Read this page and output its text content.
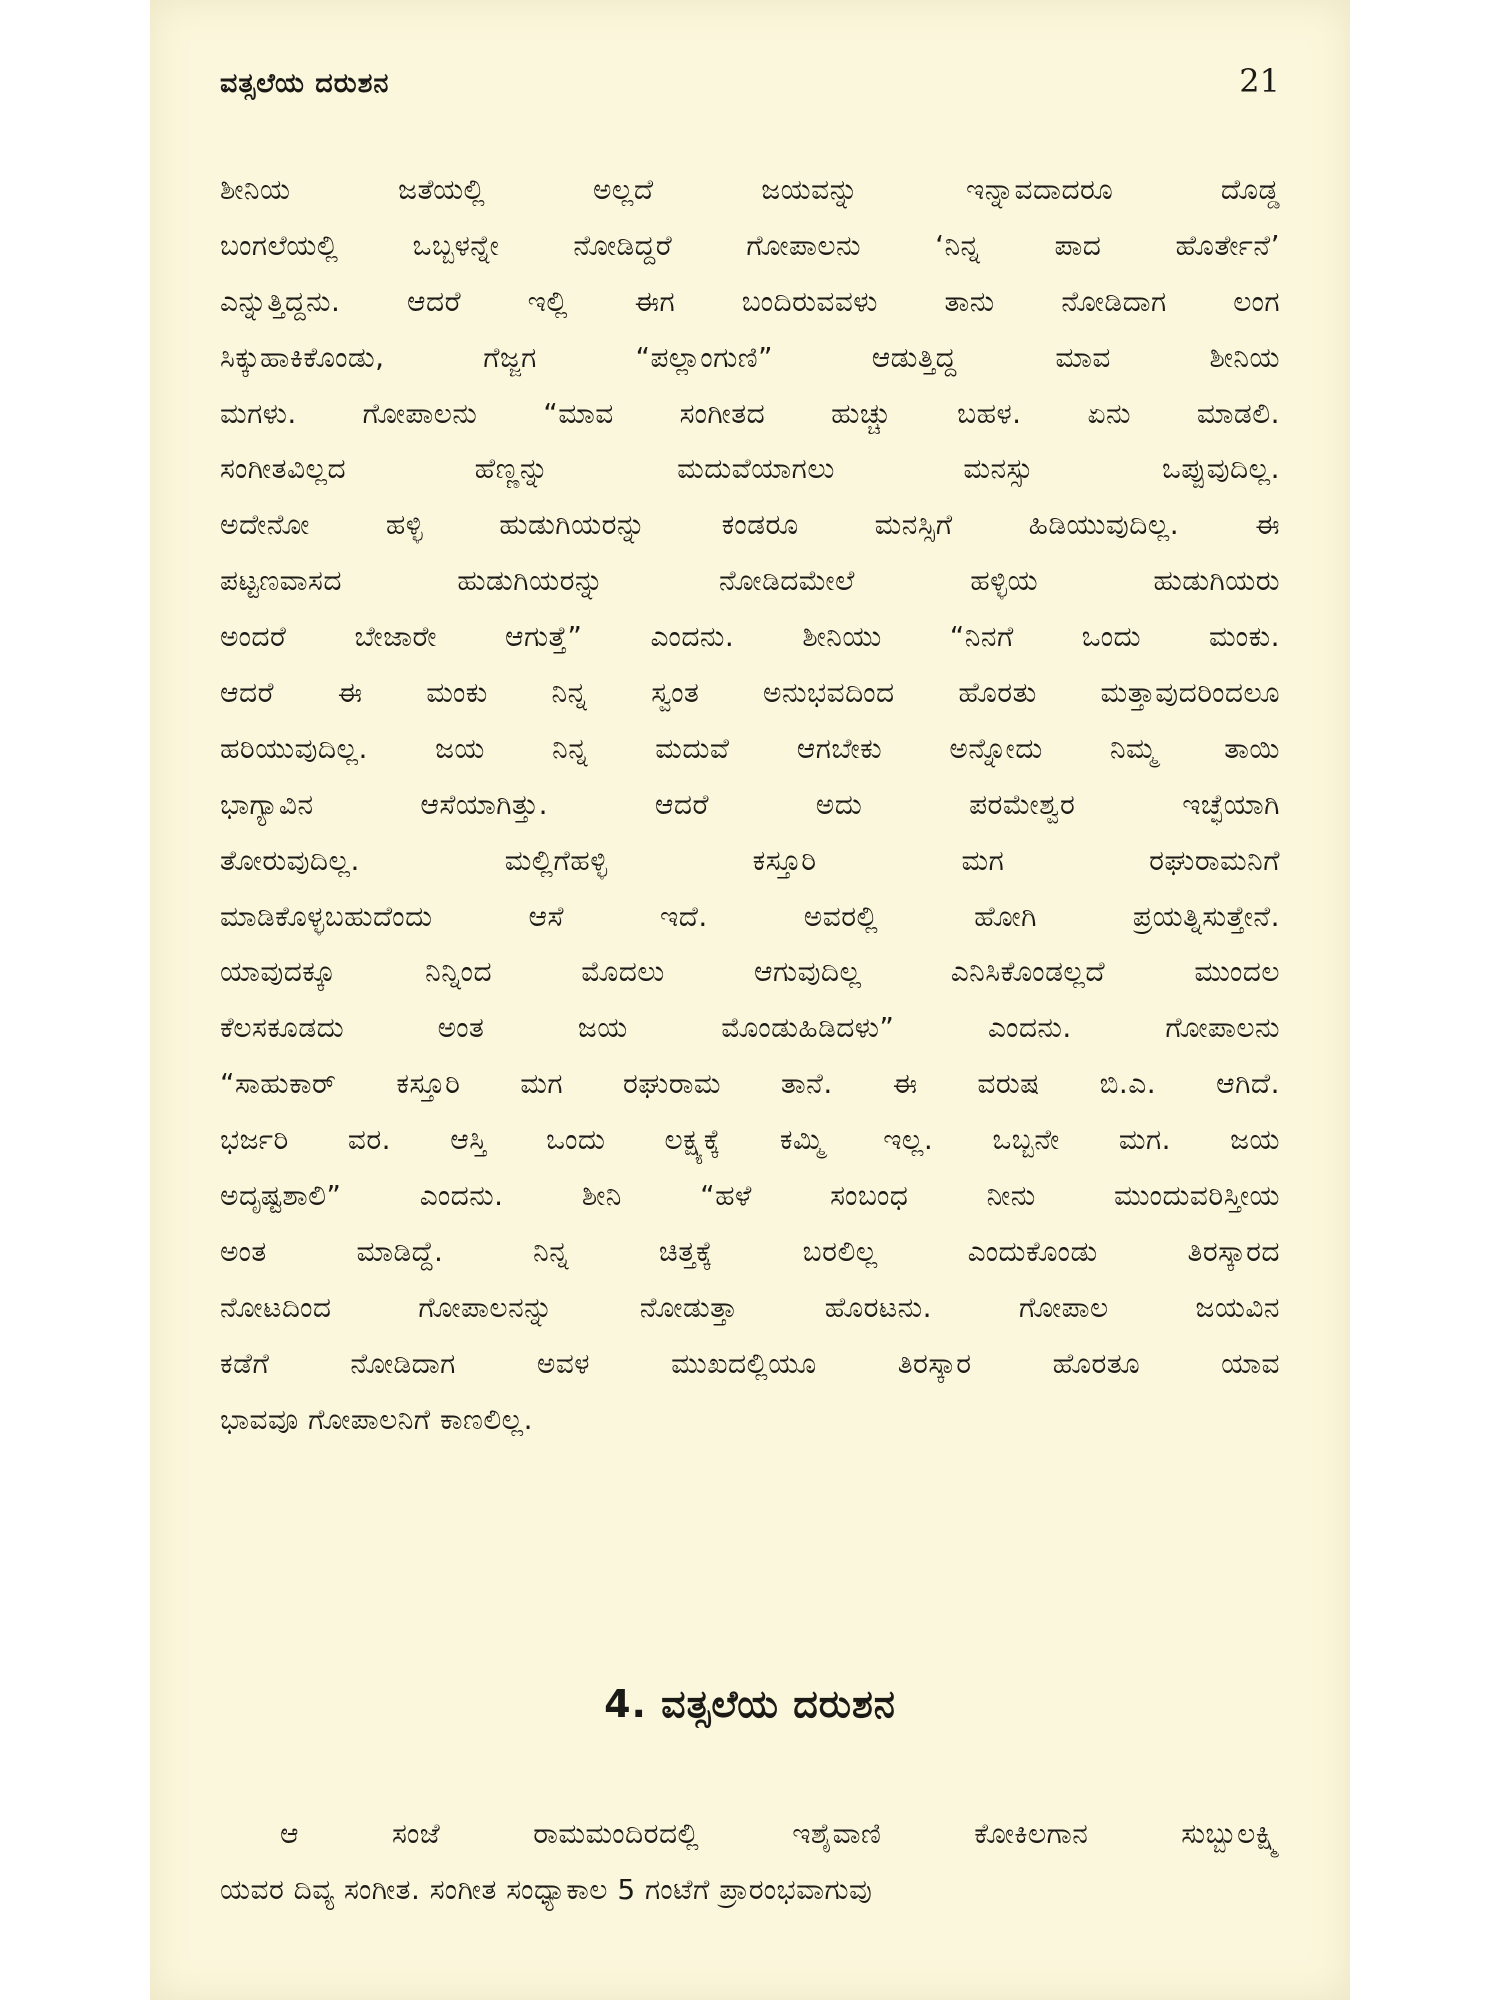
ವತ್ಸಲೆಯ ದರುಶನ	21
ಶೀನಿಯ ಜತೆಯಲ್ಲಿ ಅಲ್ಲದೆ ಜಯವನ್ನು ಇನ್ನಾವದಾದರೂ ದೊಡ್ಡ
ಬಂಗಲೆಯಲ್ಲಿ ಒಬ್ಬಳನ್ನೇ ನೋಡಿದ್ದರೆ ಗೋಪಾಲನು ‘ನಿನ್ನ ಪಾದ ಹೊರ್ತೇನೆ’
ಎನ್ನುತ್ತಿದ್ದನು. ಆದರೆ ಇಲ್ಲಿ ಈಗ ಬಂದಿರುವವಳು ತಾನು ನೋಡಿದಾಗ ಲಂಗ
ಸಿಕ್ಕುಹಾಕಿಕೊಂಡು, ಗೆಜ್ಜಗ “ಪಲ್ಲಾಂಗುಣಿ” ಆಡುತ್ತಿದ್ದ ಮಾವ ಶೀನಿಯ
ಮಗಳು. ಗೋಪಾಲನು “ಮಾವ ಸಂಗೀತದ ಹುಚ್ಚು ಬಹಳ. ಏನು ಮಾಡಲಿ.
ಸಂಗೀತವಿಲ್ಲದ ಹೆಣ್ಣನ್ನು ಮದುವೆಯಾಗಲು ಮನಸ್ಸು ಒಪ್ಪುವುದಿಲ್ಲ.
ಅದೇನೋ ಹಳ್ಳಿ ಹುಡುಗಿಯರನ್ನು ಕಂಡರೂ ಮನಸ್ಸಿಗೆ ಹಿಡಿಯುವುದಿಲ್ಲ. ಈ
ಪಟ್ಟಣವಾಸದ ಹುಡುಗಿಯರನ್ನು ನೋಡಿದಮೇಲೆ ಹಳ್ಳಿಯ ಹುಡುಗಿಯರು
ಅಂದರೆ ಬೇಜಾರೇ ಆಗುತ್ತೆ” ಎಂದನು. ಶೀನಿಯು “ನಿನಗೆ ಒಂದು ಮಂಕು.
ಆದರೆ ಈ ಮಂಕು ನಿನ್ನ ಸ್ವಂತ ಅನುಭವದಿಂದ ಹೊರತು ಮತ್ತಾವುದರಿಂದಲೂ
ಹರಿಯುವುದಿಲ್ಲ. ಜಯ ನಿನ್ನ ಮದುವೆ ಆಗಬೇಕು ಅನ್ನೋದು ನಿಮ್ಮ ತಾಯಿ
ಭಾಗ್ಯಾವಿನ ಆಸೆಯಾಗಿತ್ತು. ಆದರೆ ಅದು ಪರಮೇಶ್ವರ ಇಚ್ಛೆಯಾಗಿ
ತೋರುವುದಿಲ್ಲ. ಮಲ್ಲಿಗೆಹಳ್ಳಿ ಕಸ್ತೂರಿ ಮಗ ರಘುರಾಮನಿಗೆ
ಮಾಡಿಕೊಳ್ಳಬಹುದೆಂದು ಆಸೆ ಇದೆ. ಅವರಲ್ಲಿ ಹೋಗಿ ಪ್ರಯತ್ನಿಸುತ್ತೇನೆ.
ಯಾವುದಕ್ಕೂ ನಿನ್ನಿಂದ ಮೊದಲು ಆಗುವುದಿಲ್ಲ ಎನಿಸಿಕೊಂಡಲ್ಲದೆ ಮುಂದಲ
ಕೆಲಸಕೂಡದು ಅಂತ ಜಯ ಮೊಂಡುಹಿಡಿದಳು” ಎಂದನು. ಗೋಪಾಲನು
“ಸಾಹುಕಾರ್ ಕಸ್ತೂರಿ ಮಗ ರಘುರಾಮ ತಾನೆ. ಈ ವರುಷ ಬಿ.ಎ. ಆಗಿದೆ.
ಭರ್ಜರಿ ವರ. ಆಸ್ತಿ ಒಂದು ಲಕ್ಷ್ಯಕ್ಕೆ ಕಮ್ಮಿ ಇಲ್ಲ. ಒಬ್ಬನೇ ಮಗ. ಜಯ
ಅದೃಷ್ಟಶಾಲಿ” ಎಂದನು. ಶೀನಿ “ಹಳೆ ಸಂಬಂಧ ನೀನು ಮುಂದುವರಿಸ್ತೀಯ
ಅಂತ ಮಾಡಿದ್ದೆ. ನಿನ್ನ ಚಿತ್ತಕ್ಕೆ ಬರಲಿಲ್ಲ ಎಂದುಕೊಂಡು ತಿರಸ್ಕಾರದ
ನೋಟದಿಂದ ಗೋಪಾಲನನ್ನು ನೋಡುತ್ತಾ ಹೊರಟನು. ಗೋಪಾಲ ಜಯವಿನ
ಕಡೆಗೆ ನೋಡಿದಾಗ ಅವಳ ಮುಖದಲ್ಲಿಯೂ ತಿರಸ್ಕಾರ ಹೊರತೂ ಯಾವ
ಭಾವವೂ ಗೋಪಾಲನಿಗೆ ಕಾಣಲಿಲ್ಲ.
4. ವತ್ಸಲೆಯ ದರುಶನ
ಆ ಸಂಜೆ ರಾಮಮಂದಿರದಲ್ಲಿ ಇಶೈವಾಣಿ ಕೋಕಿಲಗಾನ ಸುಬ್ಬುಲಕ್ಷ್ಮಿ
ಯವರ ದಿವ್ಯ ಸಂಗೀತ. ಸಂಗೀತ ಸಂಧ್ಯಾಕಾಲ 5 ಗಂಟೆಗೆ ಪ್ರಾರಂಭವಾಗುವು
